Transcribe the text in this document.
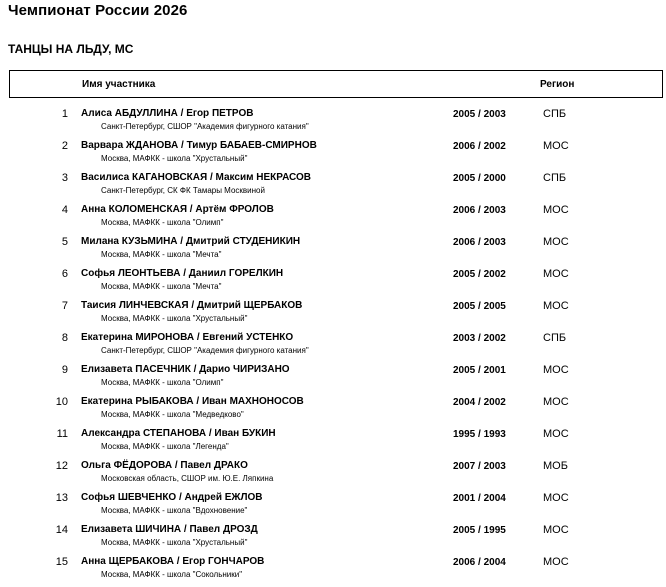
Чемпионат России 2026
ТАНЦЫ НА ЛЬДУ, МС
Имя участника	Регион
1 Алиса АБДУЛЛИНА / Егор ПЕТРОВ
Санкт-Петербург, СШОР "Академия фигурного катания"
2005 / 2003	СПБ
2 Варвара ЖДАНОВА / Тимур БАБАЕВ-СМИРНОВ
Москва, МАФКК - школа "Хрустальный"
2006 / 2002	МОС
3 Василиса КАГАНОВСКАЯ / Максим НЕКРАСОВ
Санкт-Петербург, СК ФК Тамары Москвиной
2005 / 2000	СПБ
4 Анна КОЛОМЕНСКАЯ / Артём ФРОЛОВ
Москва, МАФКК - школа "Олимп"
2006 / 2003	МОС
5 Милана КУЗЬМИНА / Дмитрий СТУДЕНИКИН
Москва, МАФКК - школа "Мечта"
2006 / 2003	МОС
6 Софья ЛЕОНТЬЕВА / Даниил ГОРЕЛКИН
Москва, МАФКК - школа "Мечта"
2005 / 2002	МОС
7 Таисия ЛИНЧЕВСКАЯ / Дмитрий ЩЕРБАКОВ
Москва, МАФКК - школа "Хрустальный"
2005 / 2005	МОС
8 Екатерина МИРОНОВА / Евгений УСТЕНКО
Санкт-Петербург, СШОР "Академия фигурного катания"
2003 / 2002	СПБ
9 Елизавета ПАСЕЧНИК / Дарио ЧИРИЗАНО
Москва, МАФКК - школа "Олимп"
2005 / 2001	МОС
10 Екатерина РЫБАКОВА / Иван МАХНОНОСОВ
Москва, МАФКК - школа "Медведково"
2004 / 2002	МОС
11 Александра СТЕПАНОВА / Иван БУКИН
Москва, МАФКК - школа "Легенда"
1995 / 1993	МОС
12 Ольга ФЁДОРОВА / Павел ДРАКО
Московская область, СШОР им. Ю.Е. Ляпкина
2007 / 2003	МОБ
13 Софья ШЕВЧЕНКО / Андрей ЕЖЛОВ
Москва, МАФКК - школа "Вдохновение"
2001 / 2004	МОС
14 Елизавета ШИЧИНА / Павел ДРОЗД
Москва, МАФКК - школа "Хрустальный"
2005 / 1995	МОС
15 Анна ЩЕРБАКОВА / Егор ГОНЧАРОВ
Москва, МАФКК - школа "Сокольники"
2006 / 2004	МОС
